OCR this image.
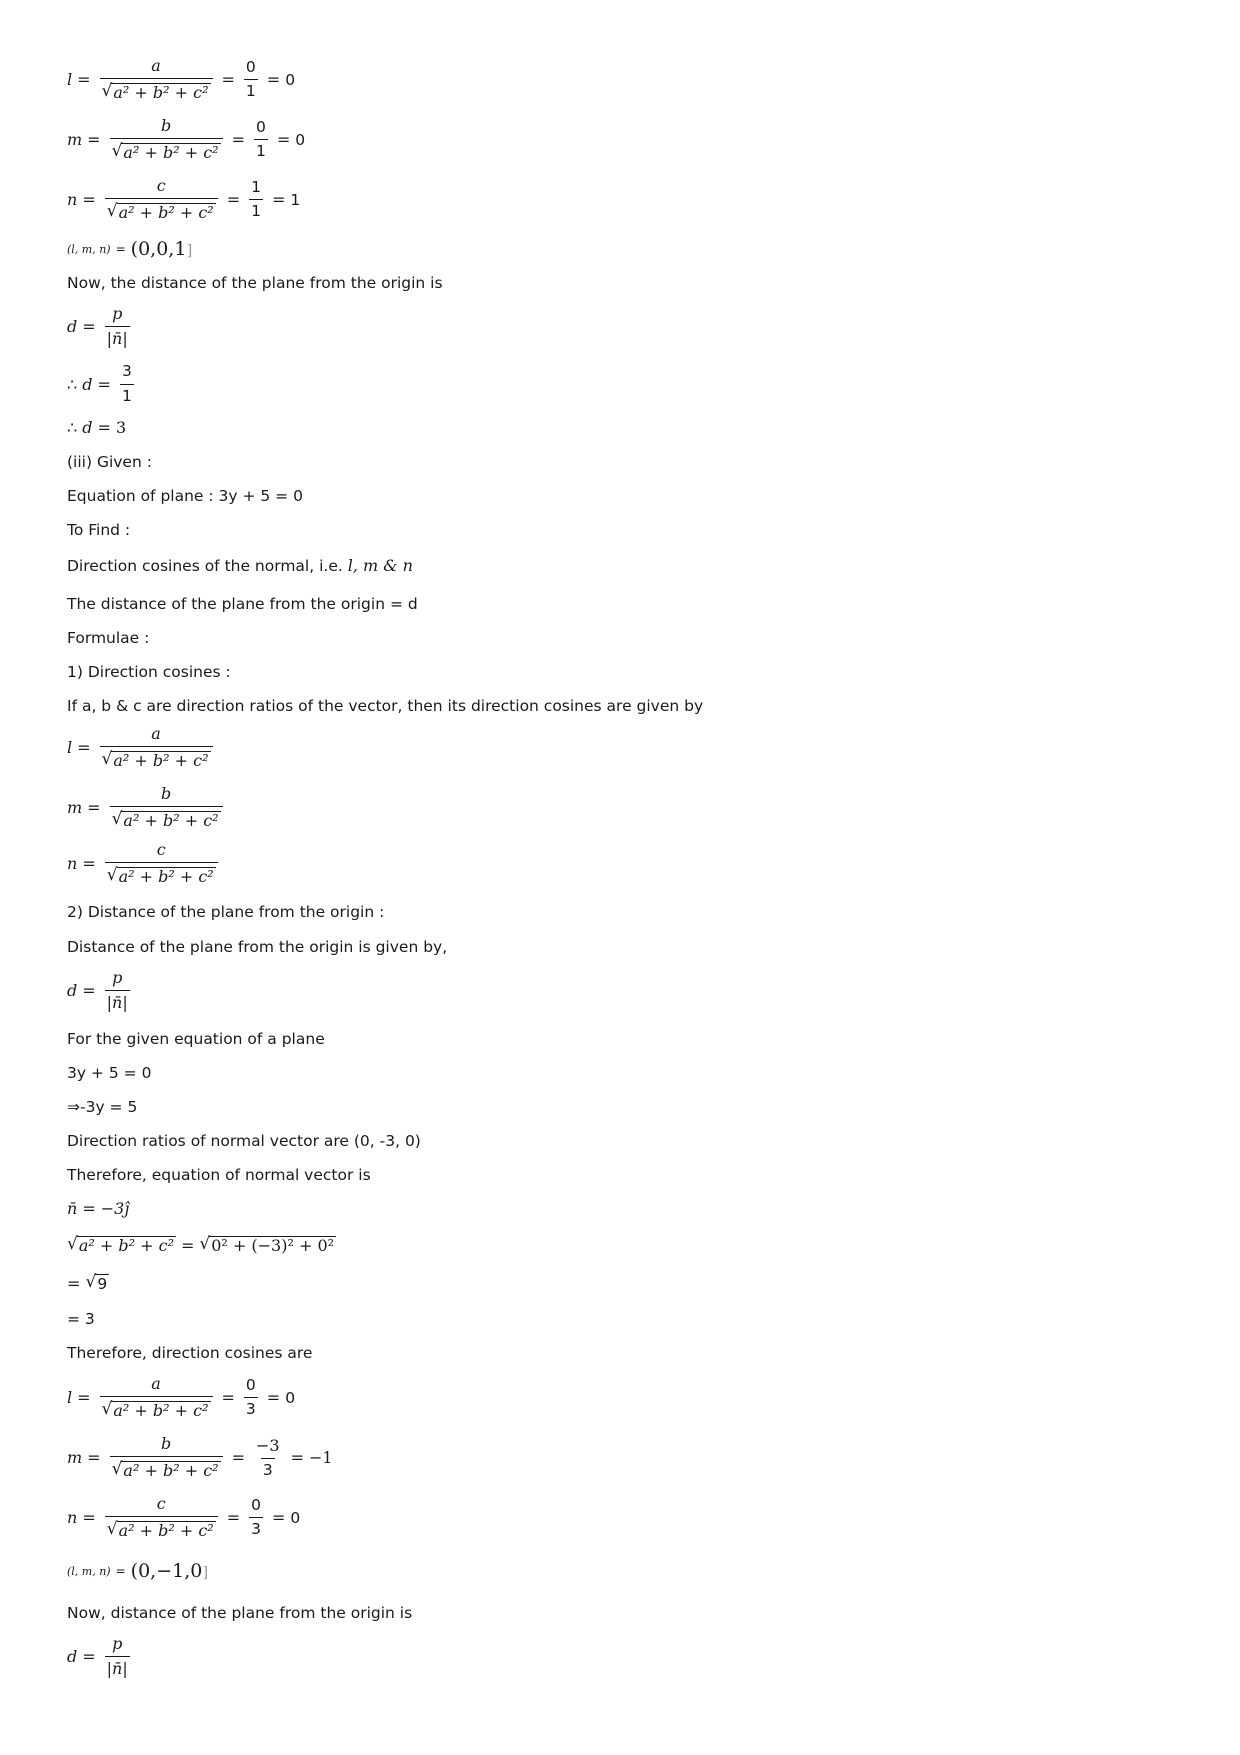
$l = \frac{a}{\text{√ a² + b² + c²}} = \frac{0}{1} = 0$
$m = \frac{b}{\text{√ a² + b² + c²}} = \frac{0}{1} = 0$
$n = \frac{c}{\text{√ a² + b² + c²}} = \frac{1}{1} = 1$
(l, m, n) = (0,0,1]
Now, the distance of the plane from the origin is
$d = \frac{p}{|n̄|}$
∴
$d = \frac{3}{1}$
∴
d = 3
(iii) Given :
Equation of plane : 3y + 5 = 0
To Find :
Direction cosines of the normal, i.e. l, m & n
The distance of the plane from the origin = d
Formulae :
1) Direction cosines :
If a, b & c are direction ratios of the vector, then its direction cosines are given by
$l = \frac{a}{\text{√ a² + b² + c²}}$
$m = \frac{b}{\text{√ a² + b² + c²}}$
$n = \frac{c}{\text{√ a² + b² + c²}}$
2) Distance of the plane from the origin :
Distance of the plane from the origin is given by,
$d = \frac{p}{|n̄|}$
For the given equation of a plane
3y + 5 = 0
⇒-3y = 5
Direction ratios of normal vector are (0, -3, 0)
Therefore, equation of normal vector is
n̄ = −3ĵ
√ a² + b² + c² = √ 0² + (−3)² + 0²
=
√ 9
= 3
Therefore, direction cosines are
$l = \frac{a}{\text{√ a² + b² + c²}} = \frac{0}{3} = 0$
$m = \frac{b}{\text{√ a² + b² + c²}} = \frac{-3}{3} = -1$
$n = \frac{c}{\text{√ a² + b² + c²}} = \frac{0}{3} = 0$
(l, m, n) = (0,−1,0]
Now, distance of the plane from the origin is
$d = \frac{p}{|n̄|}$
